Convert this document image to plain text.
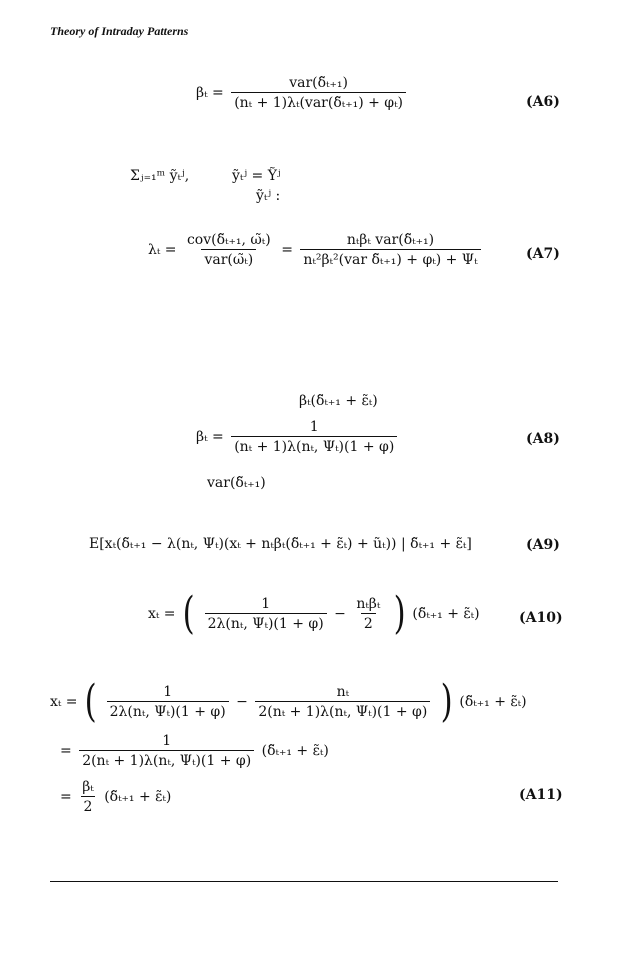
Theory of Intraday Patterns
$\beta_t = \frac{\text{var(δ̃ₜ₊₁)}}{\text{(nₜ + 1)λₜ(var(δ̃ₜ₊₁) + φₜ)}}$	(A6)
Σⱼ₌₁ᵐ ỹₜʲ,	ỹₜʲ = Ỹʲ
ỹₜʲ :
$\lambda_t = \frac{\text{cov(δ̃ₜ₊₁, ω̃ₜ)}}{\text{var(ω̃ₜ)}} = \frac{\text{nₜβₜ var(δ̃ₜ₊₁)}}{\text{nₜ²βₜ²(var δ̃ₜ₊₁) + φₜ) + Ψₜ}}$	(A7)
βₜ(δ̃ₜ₊₁ + ε̃ₜ)
$\beta_t = \frac{1}{\text{(nₜ + 1)λ(nₜ, Ψₜ)(1 + φ)}}$	(A8)
var(δ̃ₜ₊₁)
E[xₜ(δ̃ₜ₊₁ − λ(nₜ, Ψₜ)(xₜ + nₜβₜ(δ̃ₜ₊₁ + ε̃ₜ) + ũₜ)) | δ̃ₜ₊₁ + ε̃ₜ]	(A9)
xₜ = ( $\frac{1}{\text{2λ(nₜ, Ψₜ)(1 + φ)}} - \frac{\text{nₜβₜ}}{2}$ ) (δ̃ₜ₊₁ + ε̃ₜ)	(A10)
xₜ = ( $\frac{1}{\text{2λ(nₜ, Ψₜ)(1 + φ)}} - \frac{\text{nₜ}}{\text{2(nₜ + 1)λ(nₜ, Ψₜ)(1 + φ)}}$ ) (δ̃ₜ₊₁ + ε̃ₜ)
= $\frac{1}{\text{2(nₜ + 1)λ(nₜ, Ψₜ)(1 + φ)}}$ (δ̃ₜ₊₁ + ε̃ₜ)
= $\frac{\text{βₜ}}{2}$ (δ̃ₜ₊₁ + ε̃ₜ)	(A11)
